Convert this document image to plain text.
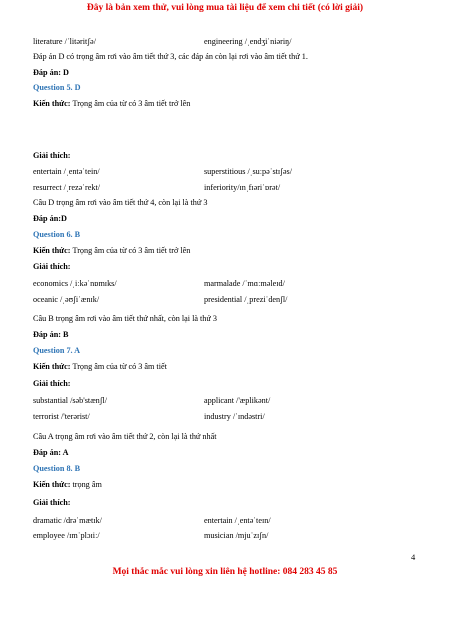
Đây là bản xem thử, vui lòng mua tài liệu để xem chi tiết (có lời giải)
literature /ˈlitəritʃə/	engineering /ˌendʒiˈniəriŋ/
Đáp án D có trọng âm rơi vào âm tiết thứ 3, các đáp án còn lại rơi vào âm tiết thứ 1.
Đáp án: D
Question 5. D
Kiến thức: Trọng âm của từ có 3 âm tiết trở lên
Giải thích:
entertain /ˌentəˈtein/	superstitious /ˌsuːpəˈstɪʃəs/
resurrect /ˌrezəˈrekt/	inferiority/ɪnˌfɪəriˈɒrət/
Câu D trọng âm rơi vào âm tiết thứ 4, còn lại là thứ 3
Đáp án:D
Question 6. B
Kiến thức: Trọng âm của từ có 3 âm tiết trở lên
Giải thích:
economics /ˌiːkəˈnɒmɪks/	marmalade /ˈmɑːməleɪd/
oceanic /ˌəʊʃiˈænɪk/	presidential /ˌpreziˈdenʃl/
Câu B trọng âm rơi vào âm tiết thứ nhất, còn lại là thứ 3
Đáp án: B
Question 7. A
Kiến thức: Trọng âm của từ có 3 âm tiết
Giải thích:
substantial /səb'stænʃl/	applicant /'æplikənt/
terrorist /'terərist/	industry /ˈɪndəstri/
Câu A trọng âm rơi vào âm tiết thứ 2, còn lại là thứ nhất
Đáp án: A
Question 8. B
Kiến thức: trọng âm
Giải thích:
dramatic /drəˈmætɪk/	entertain /ˌentəˈteɪn/
employee /ɪmˈplɔɪiː/	musician /mjuˈzɪʃn/
4
Mọi thắc mắc vui lòng xin liên hệ hotline: 084 283 45 85
